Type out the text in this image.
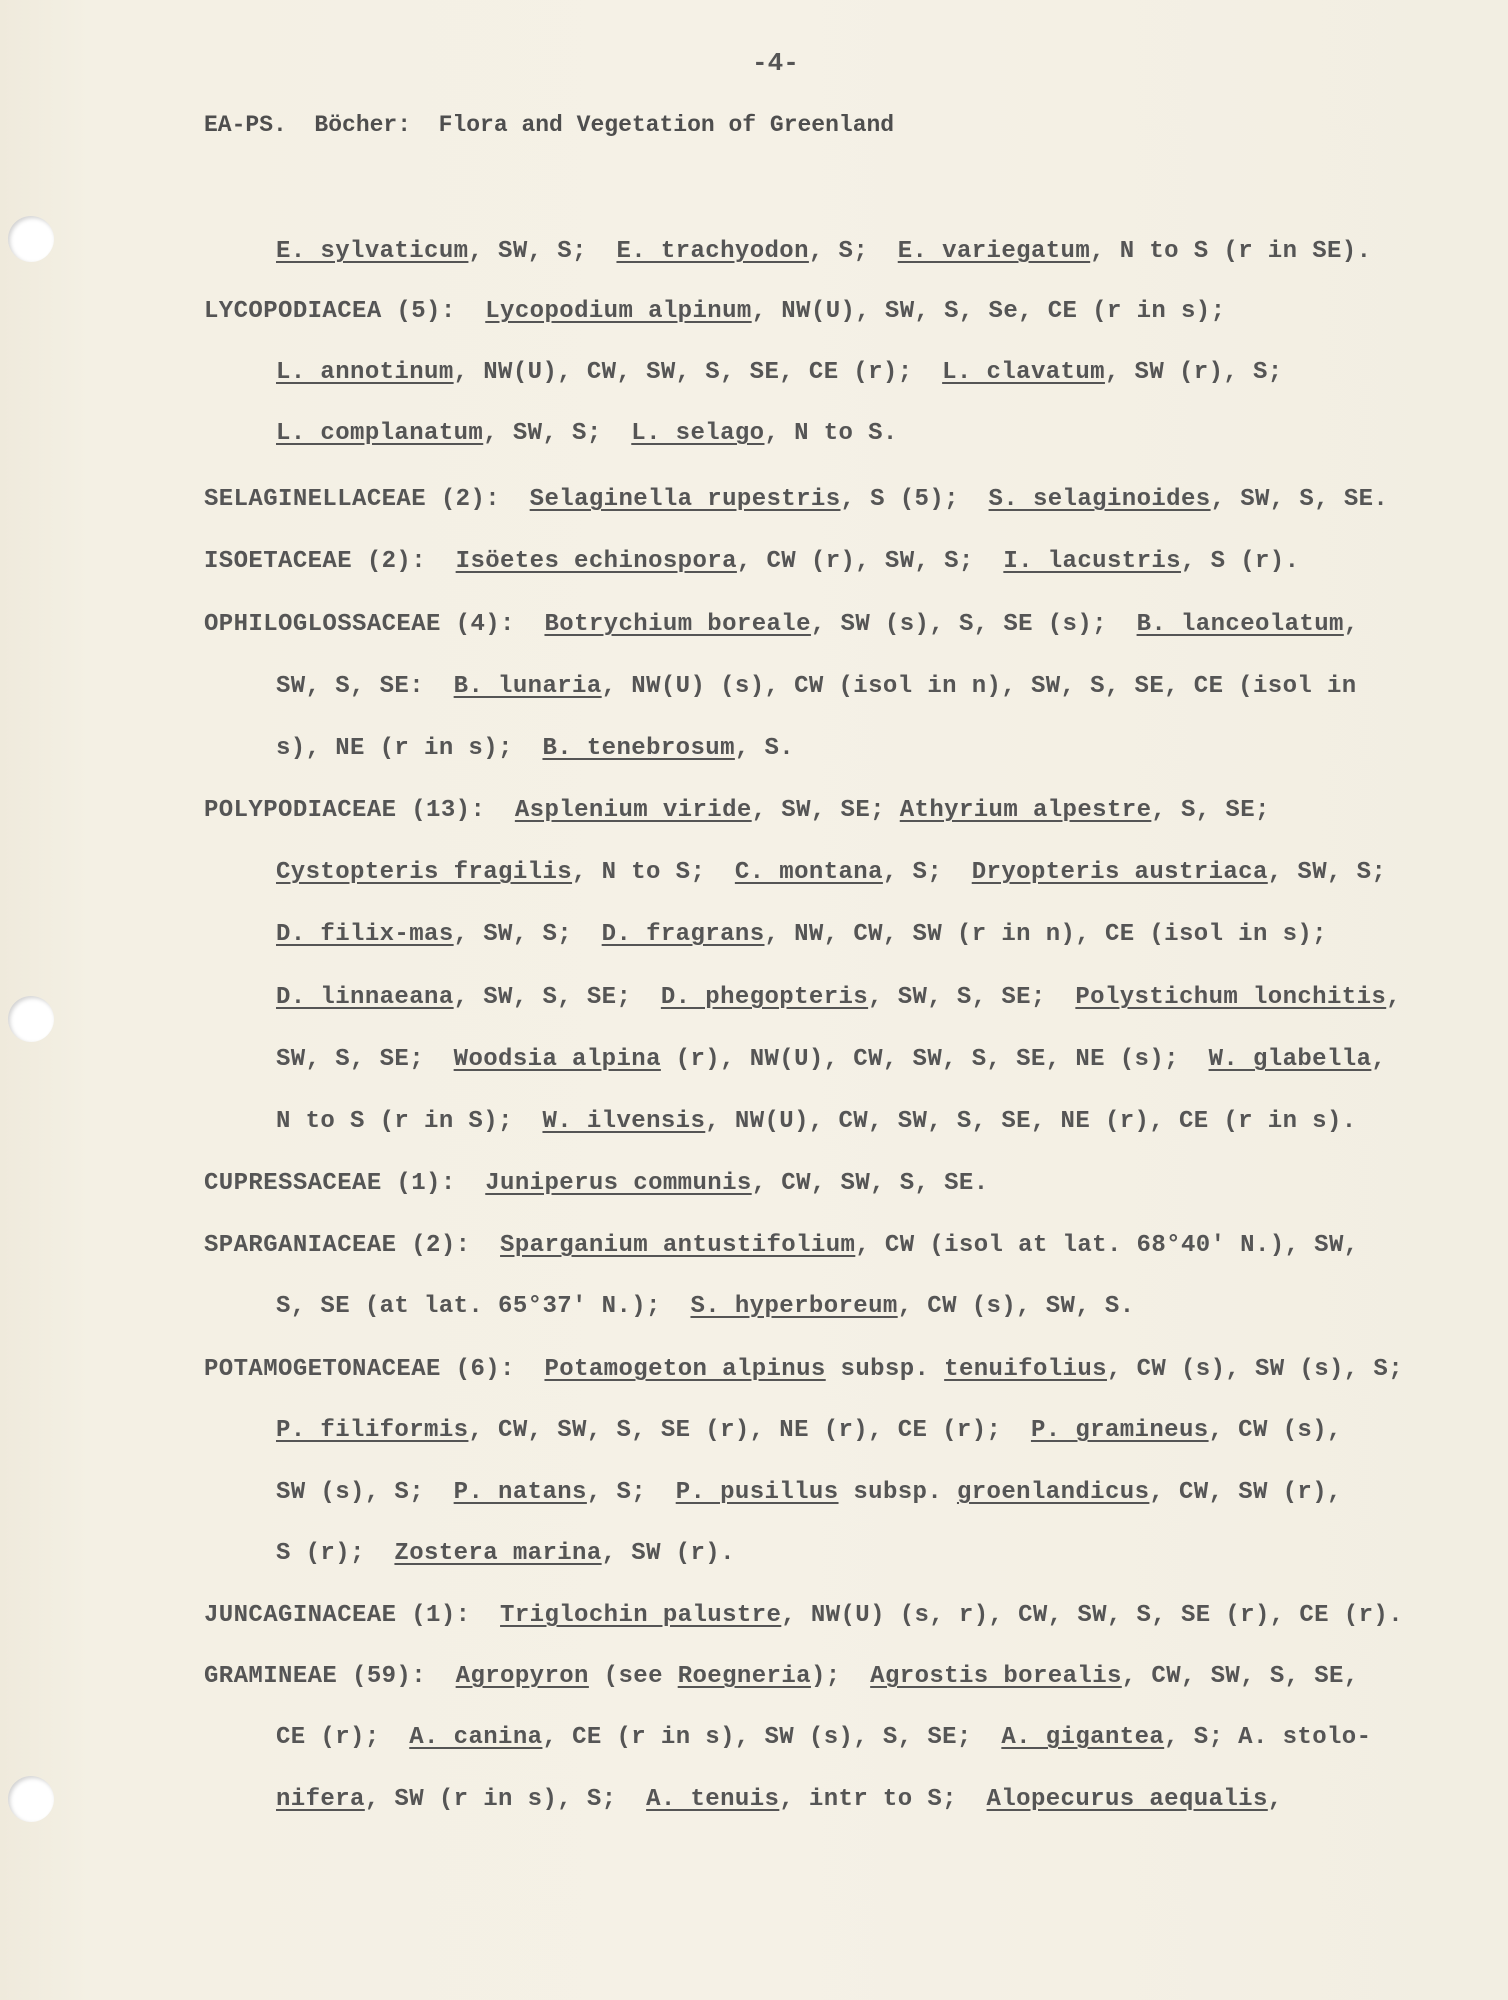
-4-
EA-PS.  Böcher:  Flora and Vegetation of Greenland
E. sylvaticum, SW, S;  E. trachyodon, S;  E. variegatum, N to S (r in SE).
LYCOPODIACEA (5):  Lycopodium alpinum, NW(U), SW, S, Se, CE (r in s);
L. annotinum, NW(U), CW, SW, S, SE, CE (r);  L. clavatum, SW (r), S;
L. complanatum, SW, S;  L. selago, N to S.
SELAGINELLACEAE (2):  Selaginella rupestris, S (5);  S. selaginoides, SW, S, SE.
ISOETACEAE (2):  Isöetes echinospora, CW (r), SW, S;  I. lacustris, S (r).
OPHILOGLOSSACEAE (4):  Botrychium boreale, SW (s), S, SE (s);  B. lanceolatum,
SW, S, SE:  B. lunaria, NW(U) (s), CW (isol in n), SW, S, SE, CE (isol in
s), NE (r in s);  B. tenebrosum, S.
POLYPODIACEAE (13):  Asplenium viride, SW, SE; Athyrium alpestre, S, SE;
Cystopteris fragilis, N to S;  C. montana, S;  Dryopteris austriaca, SW, S;
D. filix-mas, SW, S;  D. fragrans, NW, CW, SW (r in n), CE (isol in s);
D. linnaeana, SW, S, SE;  D. phegopteris, SW, S, SE;  Polystichum lonchitis,
SW, S, SE;  Woodsia alpina (r), NW(U), CW, SW, S, SE, NE (s);  W. glabella,
N to S (r in S);  W. ilvensis, NW(U), CW, SW, S, SE, NE (r), CE (r in s).
CUPRESSACEAE (1):  Juniperus communis, CW, SW, S, SE.
SPARGANIACEAE (2):  Sparganium antustifolium, CW (isol at lat. 68°40' N.), SW,
S, SE (at lat. 65°37' N.);  S. hyperboreum, CW (s), SW, S.
POTAMOGETONACEAE (6):  Potamogeton alpinus subsp. tenuifolius, CW (s), SW (s), S;
P. filiformis, CW, SW, S, SE (r), NE (r), CE (r);  P. gramineus, CW (s),
SW (s), S;  P. natans, S;  P. pusillus subsp. groenlandicus, CW, SW (r),
S (r);  Zostera marina, SW (r).
JUNCAGINACEAE (1):  Triglochin palustre, NW(U) (s, r), CW, SW, S, SE (r), CE (r).
GRAMINEAE (59):  Agropyron (see Roegneria);  Agrostis borealis, CW, SW, S, SE,
CE (r);  A. canina, CE (r in s), SW (s), S, SE;  A. gigantea, S; A. stolo-
nifera, SW (r in s), S;  A. tenuis, intr to S;  Alopecurus aequalis,
